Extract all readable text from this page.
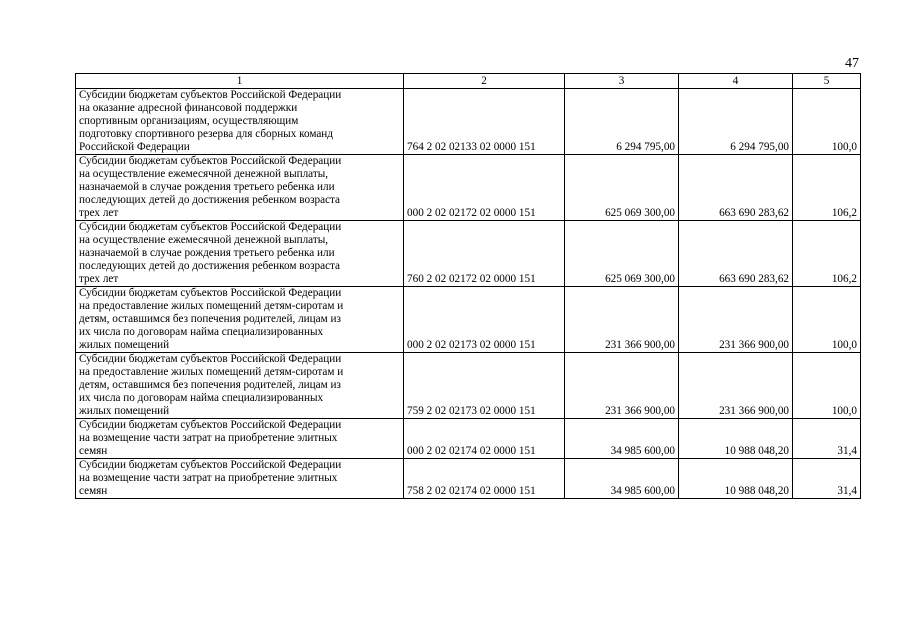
47
1	2	3	4	5

Субсидии бюджетам субъектов Российской Федерации
на оказание адресной финансовой поддержки
спортивным организациям, осуществляющим
подготовку спортивного резерва для сборных команд
Российской Федерации	764 2 02 02133 02 0000 151	6 294 795,00	6 294 795,00	100,0

Субсидии бюджетам субъектов Российской Федерации
на осуществление ежемесячной денежной выплаты,
назначаемой в случае рождения третьего ребенка или
последующих детей до достижения ребенком возраста
трех лет	000 2 02 02172 02 0000 151	625 069 300,00	663 690 283,62	106,2

Субсидии бюджетам субъектов Российской Федерации
на осуществление ежемесячной денежной выплаты,
назначаемой в случае рождения третьего ребенка или
последующих детей до достижения ребенком возраста
трех лет	760 2 02 02172 02 0000 151	625 069 300,00	663 690 283,62	106,2

Субсидии бюджетам субъектов Российской Федерации
на предоставление жилых помещений детям-сиротам и
детям, оставшимся без попечения родителей, лицам из
их числа по договорам найма специализированных
жилых помещений	000 2 02 02173 02 0000 151	231 366 900,00	231 366 900,00	100,0

Субсидии бюджетам субъектов Российской Федерации
на предоставление жилых помещений детям-сиротам и
детям, оставшимся без попечения родителей, лицам из
их числа по договорам найма специализированных
жилых помещений	759 2 02 02173 02 0000 151	231 366 900,00	231 366 900,00	100,0

Субсидии бюджетам субъектов Российской Федерации
на возмещение части затрат на приобретение элитных
семян	000 2 02 02174 02 0000 151	34 985 600,00	10 988 048,20	31,4

Субсидии бюджетам субъектов Российской Федерации
на возмещение части затрат на приобретение элитных
семян	758 2 02 02174 02 0000 151	34 985 600,00	10 988 048,20	31,4
